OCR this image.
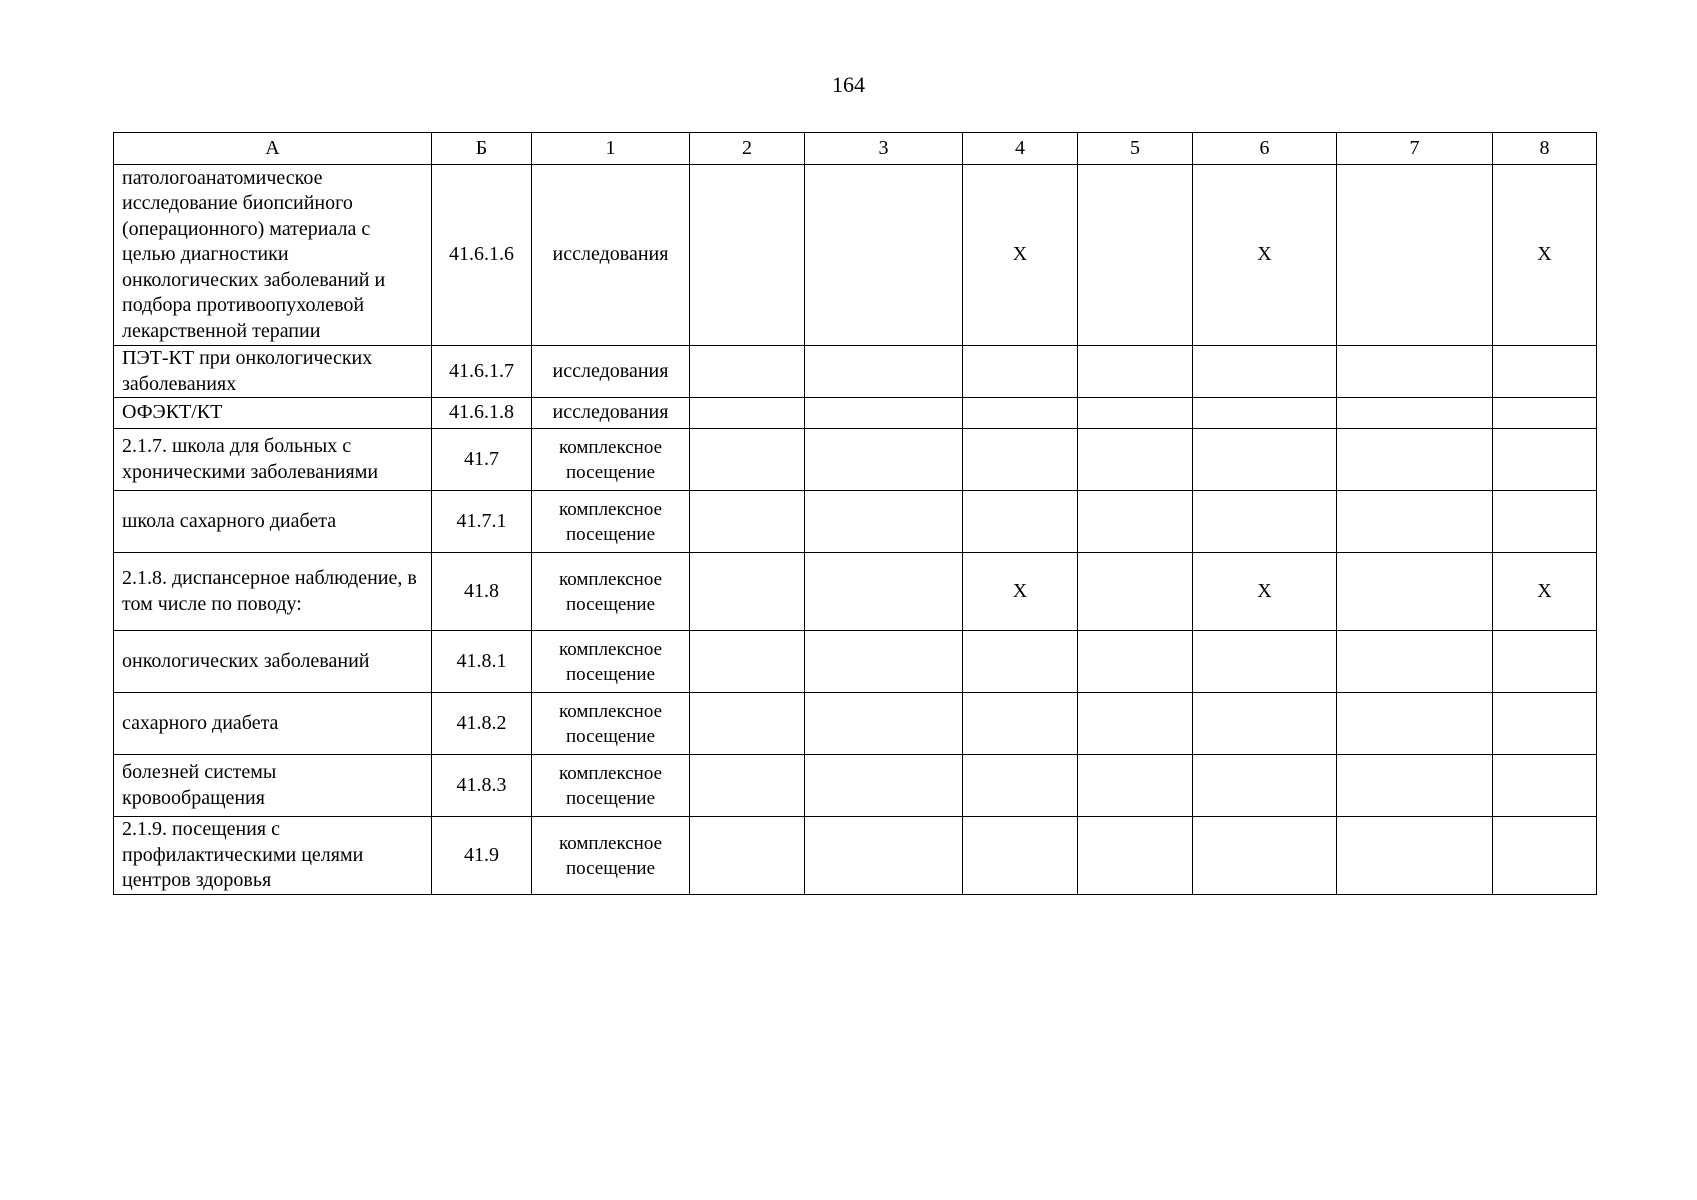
164
А	Б	1	2	3	4	5	6	7	8
патологоанатомическое исследование биопсийного (операционного) материала с целью диагностики онкологических заболеваний и подбора противоопухолевой лекарственной терапии	41.6.1.6	исследования			X		X		X
ПЭТ-КТ при онкологических заболеваниях	41.6.1.7	исследования							
ОФЭКТ/КТ	41.6.1.8	исследования							
2.1.7. школа для больных с хроническими заболеваниями	41.7	комплексное посещение							
школа сахарного диабета	41.7.1	комплексное посещение							
2.1.8. диспансерное наблюдение, в том числе по поводу:	41.8	комплексное посещение			X		X		X
онкологических заболеваний	41.8.1	комплексное посещение							
сахарного диабета	41.8.2	комплексное посещение							
болезней системы кровообращения	41.8.3	комплексное посещение							
2.1.9. посещения с профилактическими целями центров здоровья	41.9	комплексное посещение							
